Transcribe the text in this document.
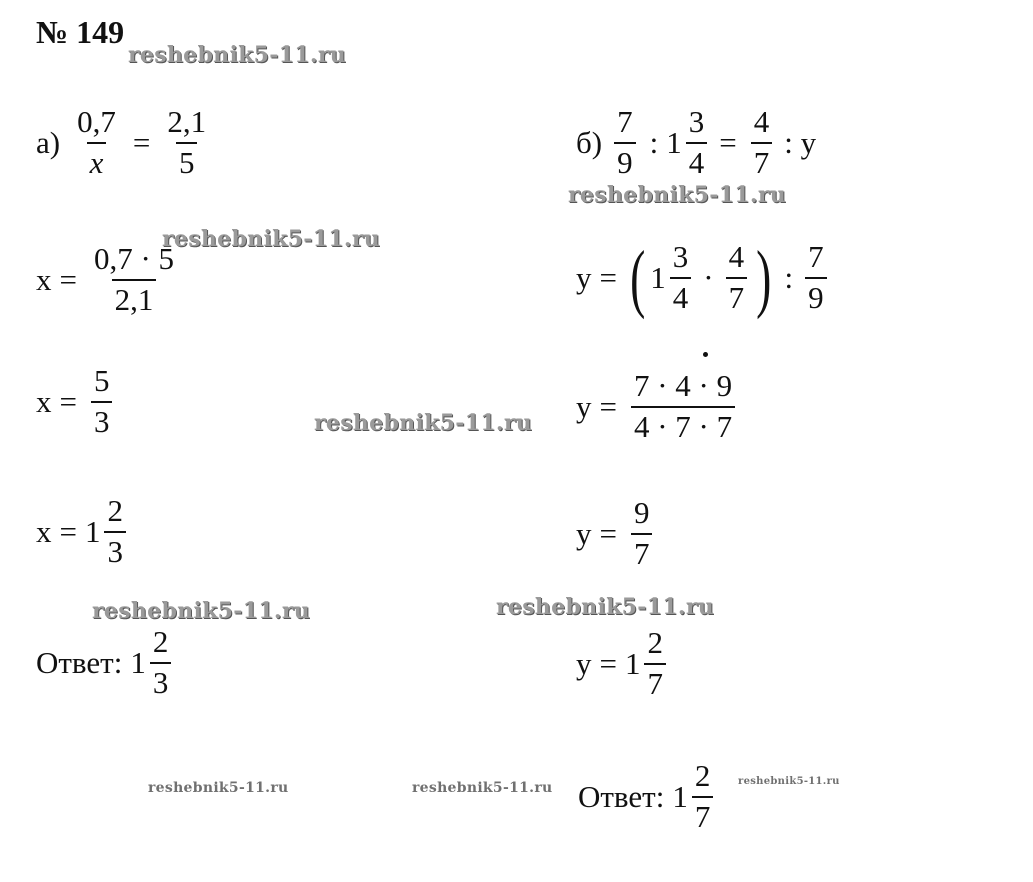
№ 149
reshebnik5-11.ru
reshebnik5-11.ru
reshebnik5-11.ru
reshebnik5-11.ru
reshebnik5-11.ru	reshebnik5-11.ru
reshebnik5-11.ru	reshebnik5-11.ru	reshebnik5-11.ru
$а) \frac{0,7}{x} = \frac{2,1}{5}$
$x = \frac{0,7 \cdot 5}{2,1}$
$x = \frac{5}{3}$
$x = 1 \frac{2}{3}$
Ответ: $1 \frac{2}{3}$
$б) \frac{7}{9}$ : $1 \frac{3}{4} = \frac{4}{7}$ : y
y = ( $1 \frac{3}{4} \cdot \frac{4}{7}$ ) : $\frac{7}{9}$
$y = \frac{7 \cdot 4 \cdot 9}{4 \cdot 7 \cdot 7}$
$y = \frac{9}{7}$
$y = 1 \frac{2}{7}$
Ответ: $1 \frac{2}{7}$
